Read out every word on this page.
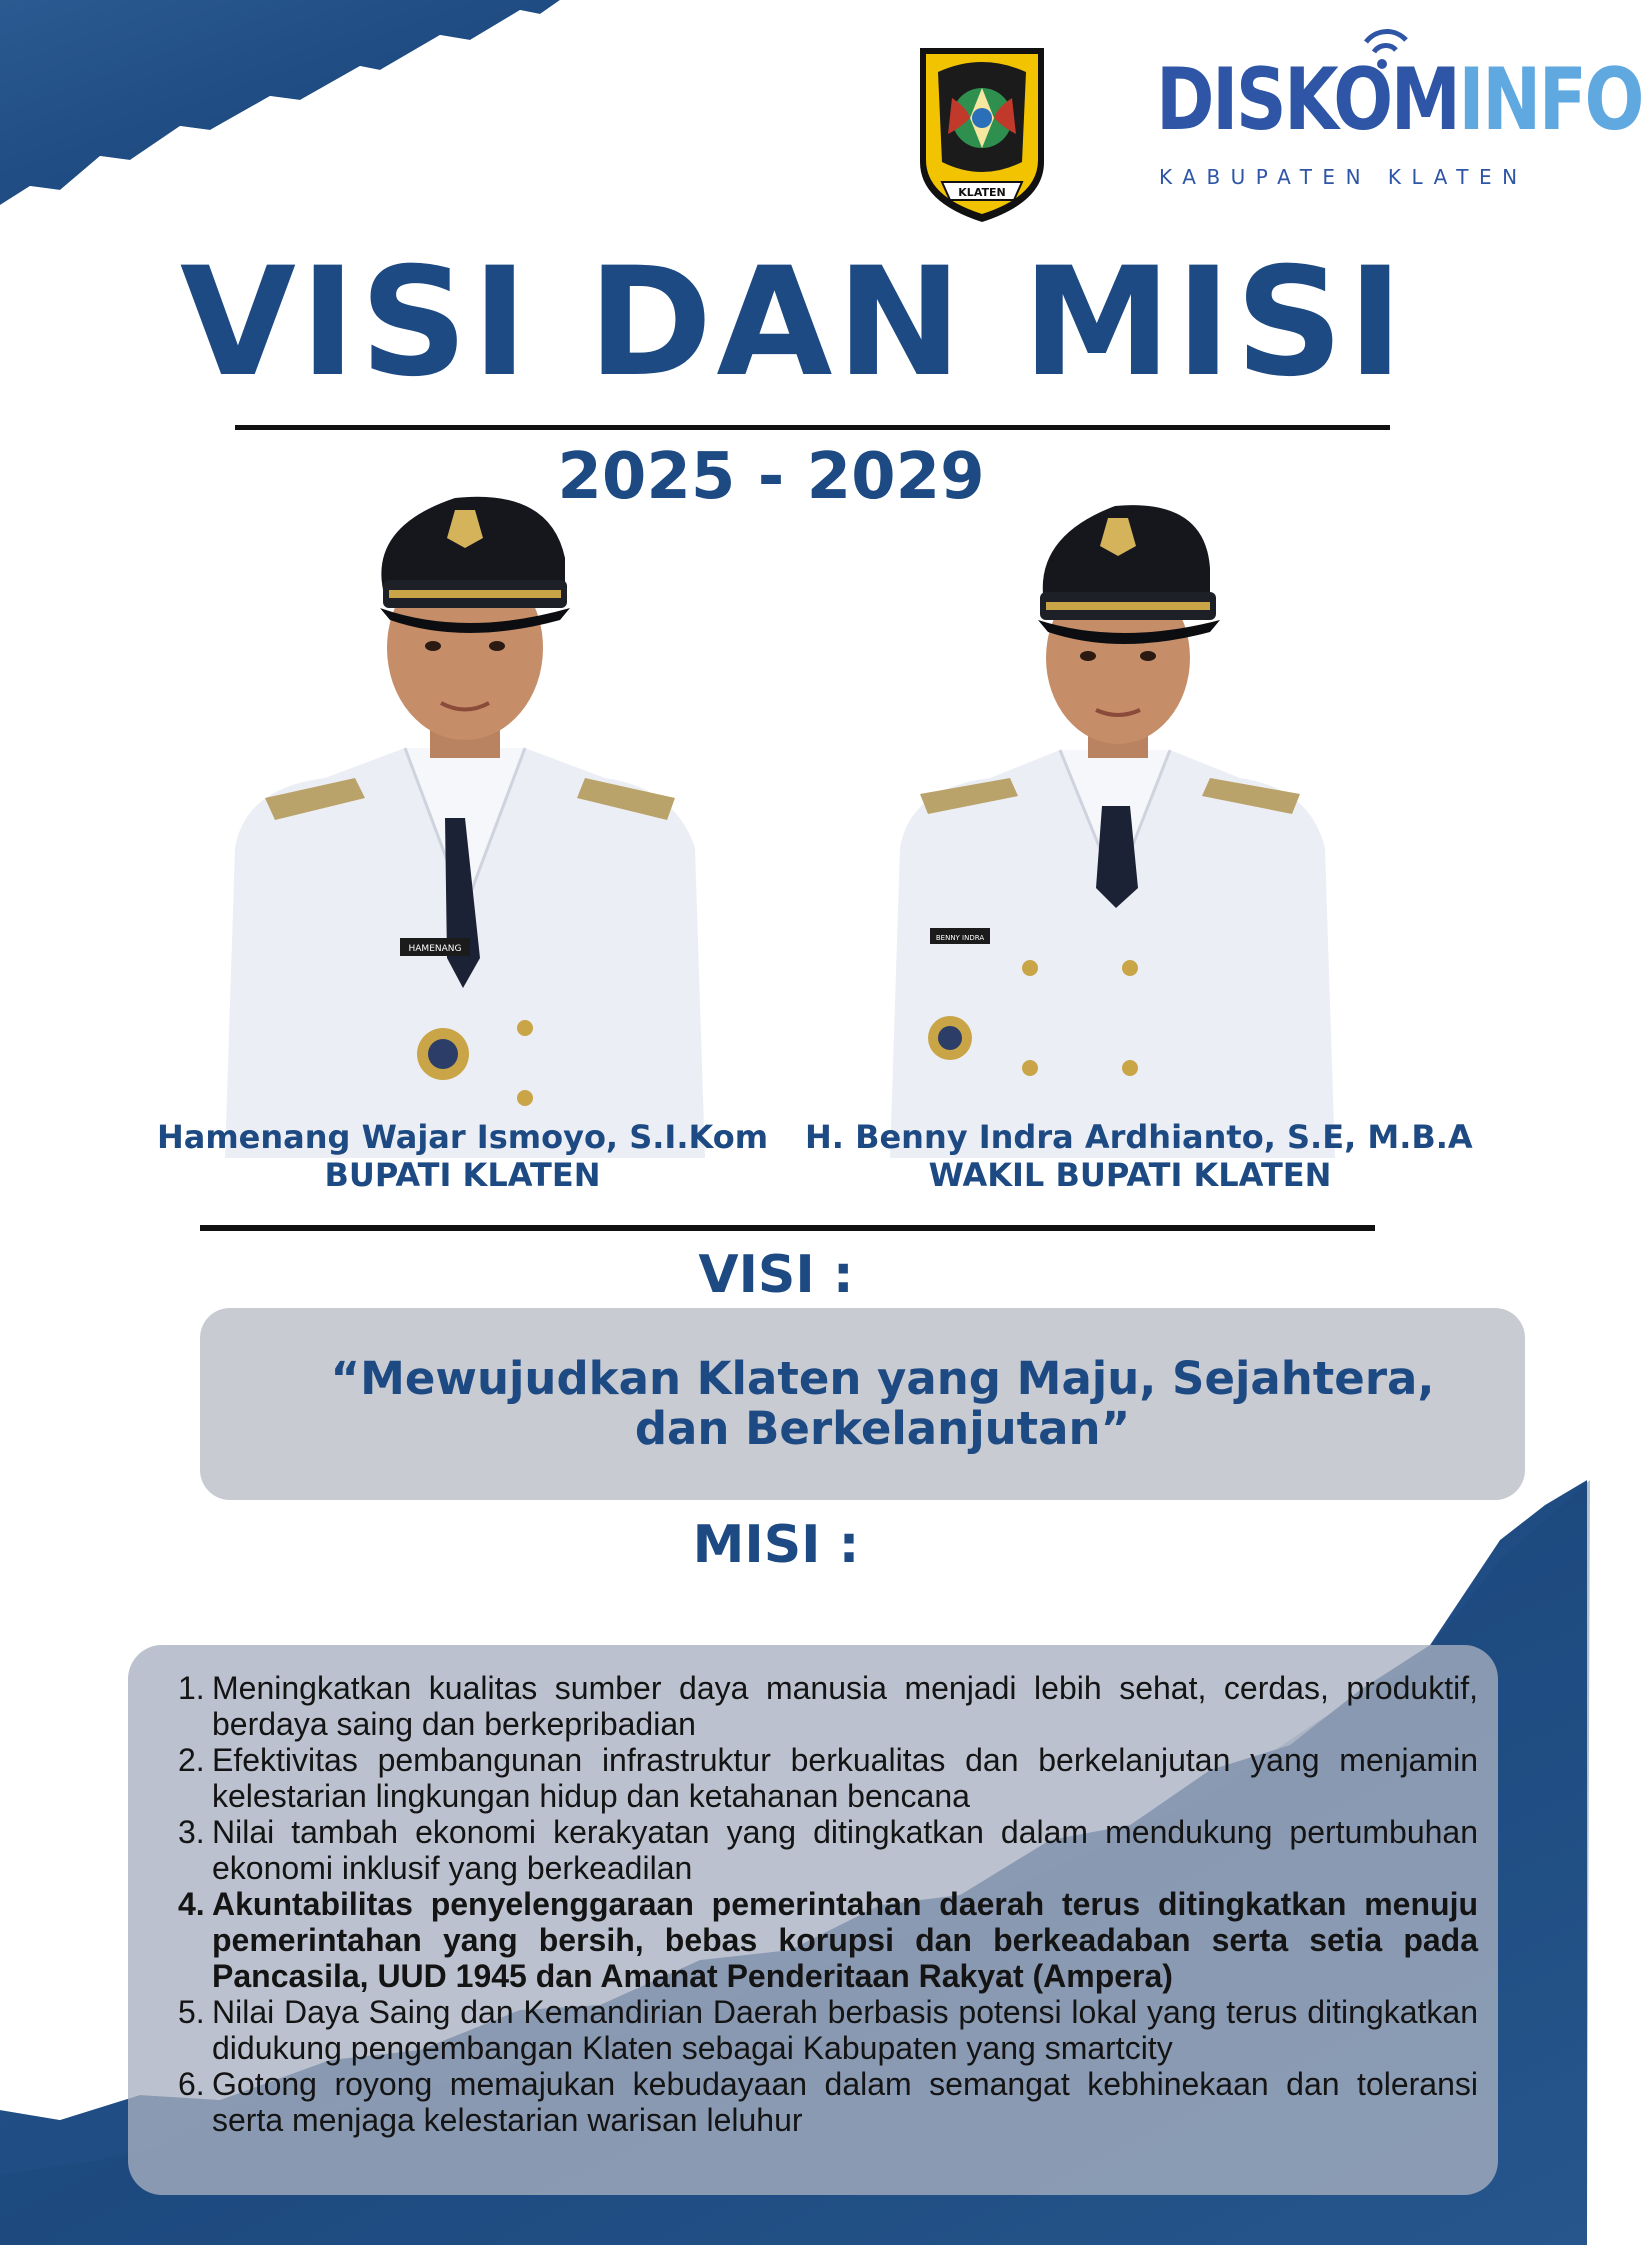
KLATEN
DISKOMINFO
KABUPATEN KLATEN
VISI DAN MISI
2025 - 2029
HAMENANG
BENNY INDRA
Hamenang Wajar Ismoyo, S.I.Kom
BUPATI KLATEN
H. Benny Indra Ardhianto, S.E, M.B.A
WAKIL BUPATI KLATEN
VISI :

“Mewujudkan Klaten yang Maju, Sejahtera, dan Berkelanjutan”

MISI :
1. Meningkatkan kualitas sumber daya manusia menjadi lebih sehat, cerdas, produktif, berdaya saing dan berkepribadian
2. Efektivitas pembangunan infrastruktur berkualitas dan berkelanjutan yang menjamin kelestarian lingkungan hidup dan ketahanan bencana
3. Nilai tambah ekonomi kerakyatan yang ditingkatkan dalam mendukung pertumbuhan ekonomi inklusif yang berkeadilan
4. Akuntabilitas penyelenggaraan pemerintahan daerah terus ditingkatkan menuju pemerintahan yang bersih, bebas korupsi dan berkeadaban serta setia pada Pancasila, UUD 1945 dan Amanat Penderitaan Rakyat (Ampera)
5. Nilai Daya Saing dan Kemandirian Daerah berbasis potensi lokal yang terus ditingkatkan didukung pengembangan Klaten sebagai Kabupaten yang smartcity
6. Gotong royong memajukan kebudayaan dalam semangat kebhinekaan dan toleransi serta menjaga kelestarian warisan leluhur
